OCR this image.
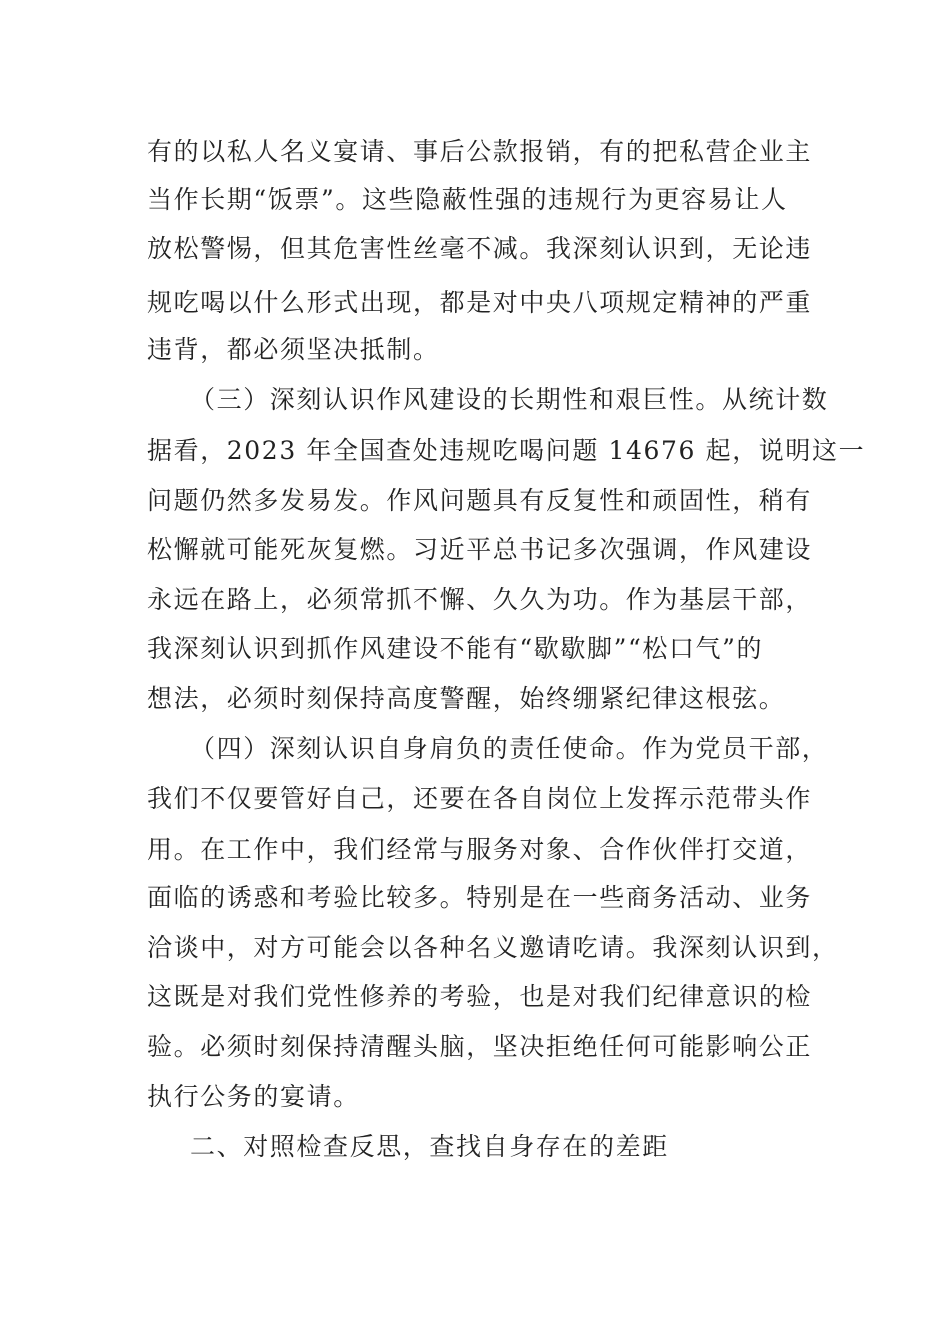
有的以私人名义宴请、事后公款报销，有的把私营企业主
当作长期“饭票”。这些隐蔽性强的违规行为更容易让人
放松警惕，但其危害性丝毫不减。我深刻认识到，无论违
规吃喝以什么形式出现，都是对中央八项规定精神的严重
违背，都必须坚决抵制。
（三）深刻认识作风建设的长期性和艰巨性。从统计数
据看，2023 年全国查处违规吃喝问题 14676 起，说明这一
问题仍然多发易发。作风问题具有反复性和顽固性，稍有
松懈就可能死灰复燃。习近平总书记多次强调，作风建设
永远在路上，必须常抓不懈、久久为功。作为基层干部，
我深刻认识到抓作风建设不能有“歇歇脚”“松口气”的
想法，必须时刻保持高度警醒，始终绷紧纪律这根弦。
（四）深刻认识自身肩负的责任使命。作为党员干部，
我们不仅要管好自己，还要在各自岗位上发挥示范带头作
用。在工作中，我们经常与服务对象、合作伙伴打交道，
面临的诱惑和考验比较多。特别是在一些商务活动、业务
洽谈中，对方可能会以各种名义邀请吃请。我深刻认识到，
这既是对我们党性修养的考验，也是对我们纪律意识的检
验。必须时刻保持清醒头脑，坚决拒绝任何可能影响公正
执行公务的宴请。
二、对照检查反思，查找自身存在的差距
